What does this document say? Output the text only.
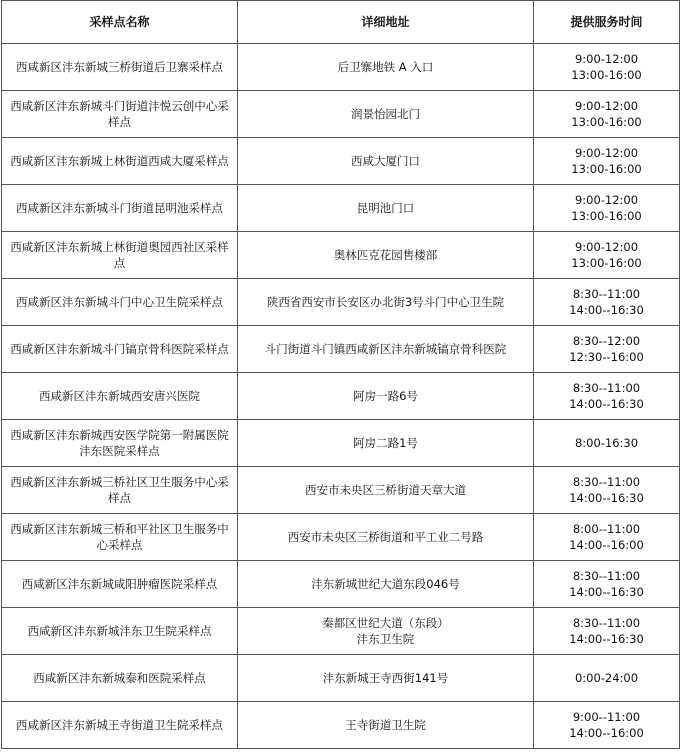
采样点名称	详细地址	提供服务时间
西咸新区沣东新城三桥街道后卫寨采样点	后卫寨地铁 A 入口	9:00-12:00
13:00-16:00

西咸新区沣东新城斗门街道沣悦云创中心采样点	润景怡园北门	9:00-12:00
13:00-16:00

西咸新区沣东新城上林街道西咸大厦采样点	西咸大厦门口	9:00-12:00
13:00-16:00

西咸新区沣东新城斗门街道昆明池采样点	昆明池门口	9:00-12:00
13:00-16:00

西咸新区沣东新城上林街道奥园西社区采样点	奥林匹克花园售楼部	9:00-12:00
13:00-16:00

西咸新区沣东新城斗门中心卫生院采样点	陕西省西安市长安区办北街3号斗门中心卫生院	8:30--11:00
14:00--16:30

西咸新区沣东新城斗门镐京骨科医院采样点	斗门街道斗门镇西咸新区沣东新城镐京骨科医院	8:30--12:00
12:30--16:00

西咸新区沣东新城西安唐兴医院	阿房一路6号	8:30--11:00
14:00--16:30

西咸新区沣东新城西安医学院第一附属医院沣东医院采样点	阿房二路1号	8:00-16:30

西咸新区沣东新城三桥社区卫生服务中心采样点	西安市未央区三桥街道天章大道	8:30--11:00
14:00--16:30

西咸新区沣东新城三桥和平社区卫生服务中心采样点	西安市未央区三桥街道和平工业二号路	8:00--11:00
14:00--16:00

西咸新区沣东新城咸阳肿瘤医院采样点	沣东新城世纪大道东段046号	8:30--11:00
14:00--16:30

西咸新区沣东新城沣东卫生院采样点	秦都区世纪大道（东段）
沣东卫生院	8:30--11:00
14:00--16:30

西咸新区沣东新城泰和医院采样点	沣东新城王寺西街141号	0:00-24:00

西咸新区沣东新城王寺街道卫生院采样点	王寺街道卫生院	9:00--11:00
14:00--16:00
